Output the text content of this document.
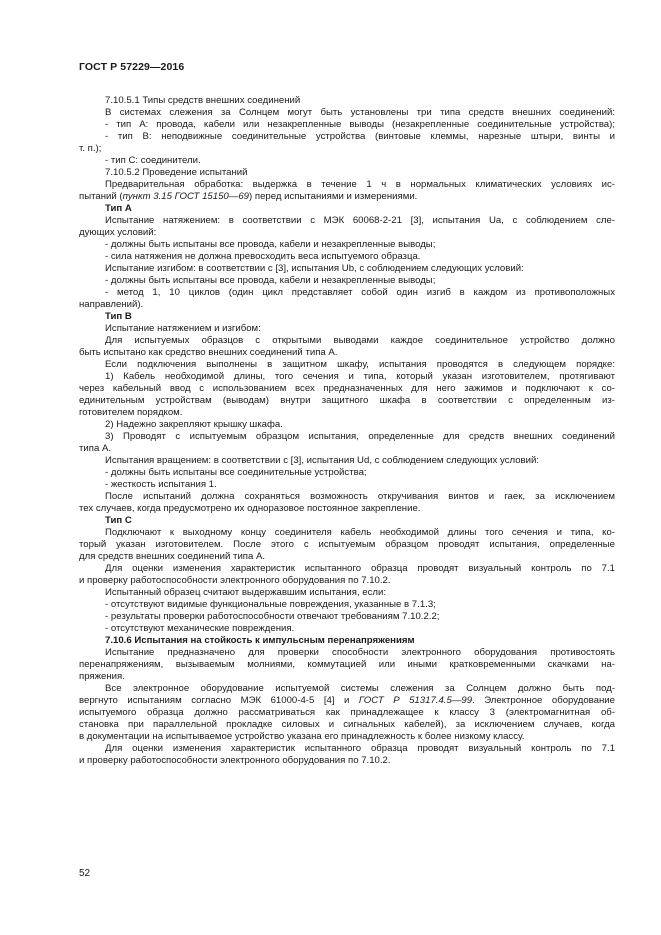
ГОСТ Р 57229—2016
7.10.5.1 Типы средств внешних соединений
В системах слежения за Солнцем могут быть установлены три типа средств внешних соединений:
- тип А: провода, кабели или незакрепленные выводы (незакрепленные соединительные устройства);
- тип В: неподвижные соединительные устройства (винтовые клеммы, нарезные штыри, винты и
т. п.);
- тип С: соединители.
7.10.5.2 Проведение испытаний
Предварительная обработка: выдержка в течение 1 ч в нормальных климатических условиях ис-
пытаний (пункт 3.15 ГОСТ 15150—69) перед испытаниями и измерениями.
Тип А
Испытание натяжением: в соответствии с МЭК 60068-2-21 [3], испытания Ua, с соблюдением сле-
дующих условий:
- должны быть испытаны все провода, кабели и незакрепленные выводы;
- сила натяжения не должна превосходить веса испытуемого образца.
Испытание изгибом: в соответствии с [3], испытания Ub, с соблюдением следующих условий:
- должны быть испытаны все провода, кабели и незакрепленные выводы;
- метод 1, 10 циклов (один цикл представляет собой один изгиб в каждом из противоположных
направлений).
Тип В
Испытание натяжением и изгибом:
Для испытуемых образцов с открытыми выводами каждое соединительное устройство должно
быть испытано как средство внешних соединений типа А.
Если подключения выполнены в защитном шкафу, испытания проводятся в следующем порядке:
1) Кабель необходимой длины, того сечения и типа, который указан изготовителем, протягивают
через кабельный ввод с использованием всех предназначенных для него зажимов и подключают к со-
единительным устройствам (выводам) внутри защитного шкафа в соответствии с определенным из-
готовителем порядком.
2) Надежно закрепляют крышку шкафа.
3) Проводят с испытуемым образцом испытания, определенные для средств внешних соединений
типа А.
Испытания вращением: в соответствии с [3], испытания Ud, с соблюдением следующих условий:
- должны быть испытаны все соединительные устройства;
- жесткость испытания 1.
После испытаний должна сохраняться возможность откручивания винтов и гаек, за исключением
тех случаев, когда предусмотрено их одноразовое постоянное закрепление.
Тип С
Подключают к выходному концу соединителя кабель необходимой длины того сечения и типа, ко-
торый указан изготовителем. После этого с испытуемым образцом проводят испытания, определенные
для средств внешних соединений типа А.
Для оценки изменения характеристик испытанного образца проводят визуальный контроль по 7.1
и проверку работоспособности электронного оборудования по 7.10.2.
Испытанный образец считают выдержавшим испытания, если:
- отсутствуют видимые функциональные повреждения, указанные в 7.1.3;
- результаты проверки работоспособности отвечают требованиям 7.10.2.2;
- отсутствуют механические повреждения.
7.10.6 Испытания на стойкость к импульсным перенапряжениям
Испытание предназначено для проверки способности электронного оборудования противостоять
перенапряжениям, вызываемым молниями, коммутацией или иными кратковременными скачками на-
пряжения.
Все электронное оборудование испытуемой системы слежения за Солнцем должно быть под-
вергнуто испытаниям согласно МЭК 61000-4-5 [4] и ГОСТ Р 51317.4.5—99. Электронное оборудование
испытуемого образца должно рассматриваться как принадлежащее к классу 3 (электромагнитная об-
становка при параллельной прокладке силовых и сигнальных кабелей), за исключением случаев, когда
в документации на испытываемое устройство указана его принадлежность к более низкому классу.
Для оценки изменения характеристик испытанного образца проводят визуальный контроль по 7.1
и проверку работоспособности электронного оборудования по 7.10.2.
52
